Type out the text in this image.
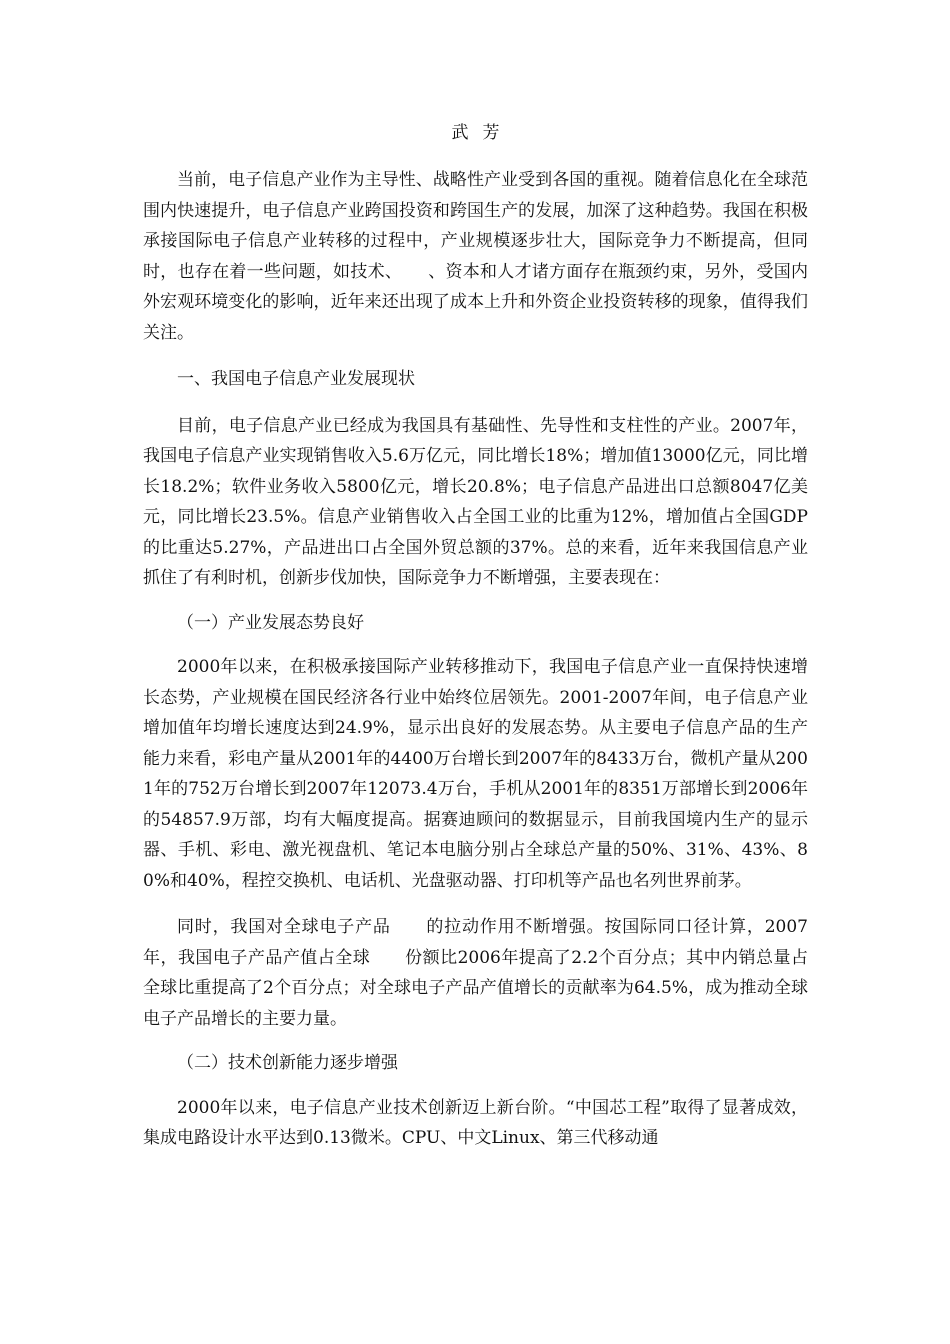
武芳

当前，电子信息产业作为主导性、战略性产业受到各国的重视。随着信息化在全球范围内快速提升，电子信息产业跨国投资和跨国生产的发展，加深了这种趋势。我国在积极承接国际电子信息产业转移的过程中，产业规模逐步壮大，国际竞争力不断提高，但同时，也存在着一些问题，如技术、　　、资本和人才诸方面存在瓶颈约束，另外，受国内外宏观环境变化的影响，近年来还出现了成本上升和外资企业投资转移的现象，值得我们关注。

一、我国电子信息产业发展现状

目前，电子信息产业已经成为我国具有基础性、先导性和支柱性的产业。2007年，我国电子信息产业实现销售收入5.6万亿元，同比增长18%；增加值13000亿元，同比增长18.2%；软件业务收入5800亿元，增长20.8%；电子信息产品进出口总额8047亿美元，同比增长23.5%。信息产业销售收入占全国工业的比重为12%，增加值占全国GDP的比重达5.27%，产品进出口占全国外贸总额的37%。总的来看，近年来我国信息产业抓住了有利时机，创新步伐加快，国际竞争力不断增强，主要表现在：

（一）产业发展态势良好

2000年以来，在积极承接国际产业转移推动下，我国电子信息产业一直保持快速增长态势，产业规模在国民经济各行业中始终位居领先。2001-2007年间，电子信息产业增加值年均增长速度达到24.9%，显示出良好的发展态势。从主要电子信息产品的生产能力来看，彩电产量从2001年的4400万台增长到2007年的8433万台，微机产量从2001年的752万台增长到2007年12073.4万台，手机从2001年的8351万部增长到2006年的54857.9万部，均有大幅度提高。据赛迪顾问的数据显示，目前我国境内生产的显示器、手机、彩电、激光视盘机、笔记本电脑分别占全球总产量的50%、31%、43%、80%和40%，程控交换机、电话机、光盘驱动器、打印机等产品也名列世界前茅。

同时，我国对全球电子产品　　的拉动作用不断增强。按国际同口径计算，2007年，我国电子产品产值占全球　　份额比2006年提高了2.2个百分点；其中内销总量占全球比重提高了2个百分点；对全球电子产品产值增长的贡献率为64.5%，成为推动全球电子产品增长的主要力量。

（二）技术创新能力逐步增强

2000年以来，电子信息产业技术创新迈上新台阶。“中国芯工程”取得了显著成效，集成电路设计水平达到0.13微米。CPU、中文Linux、第三代移动通
